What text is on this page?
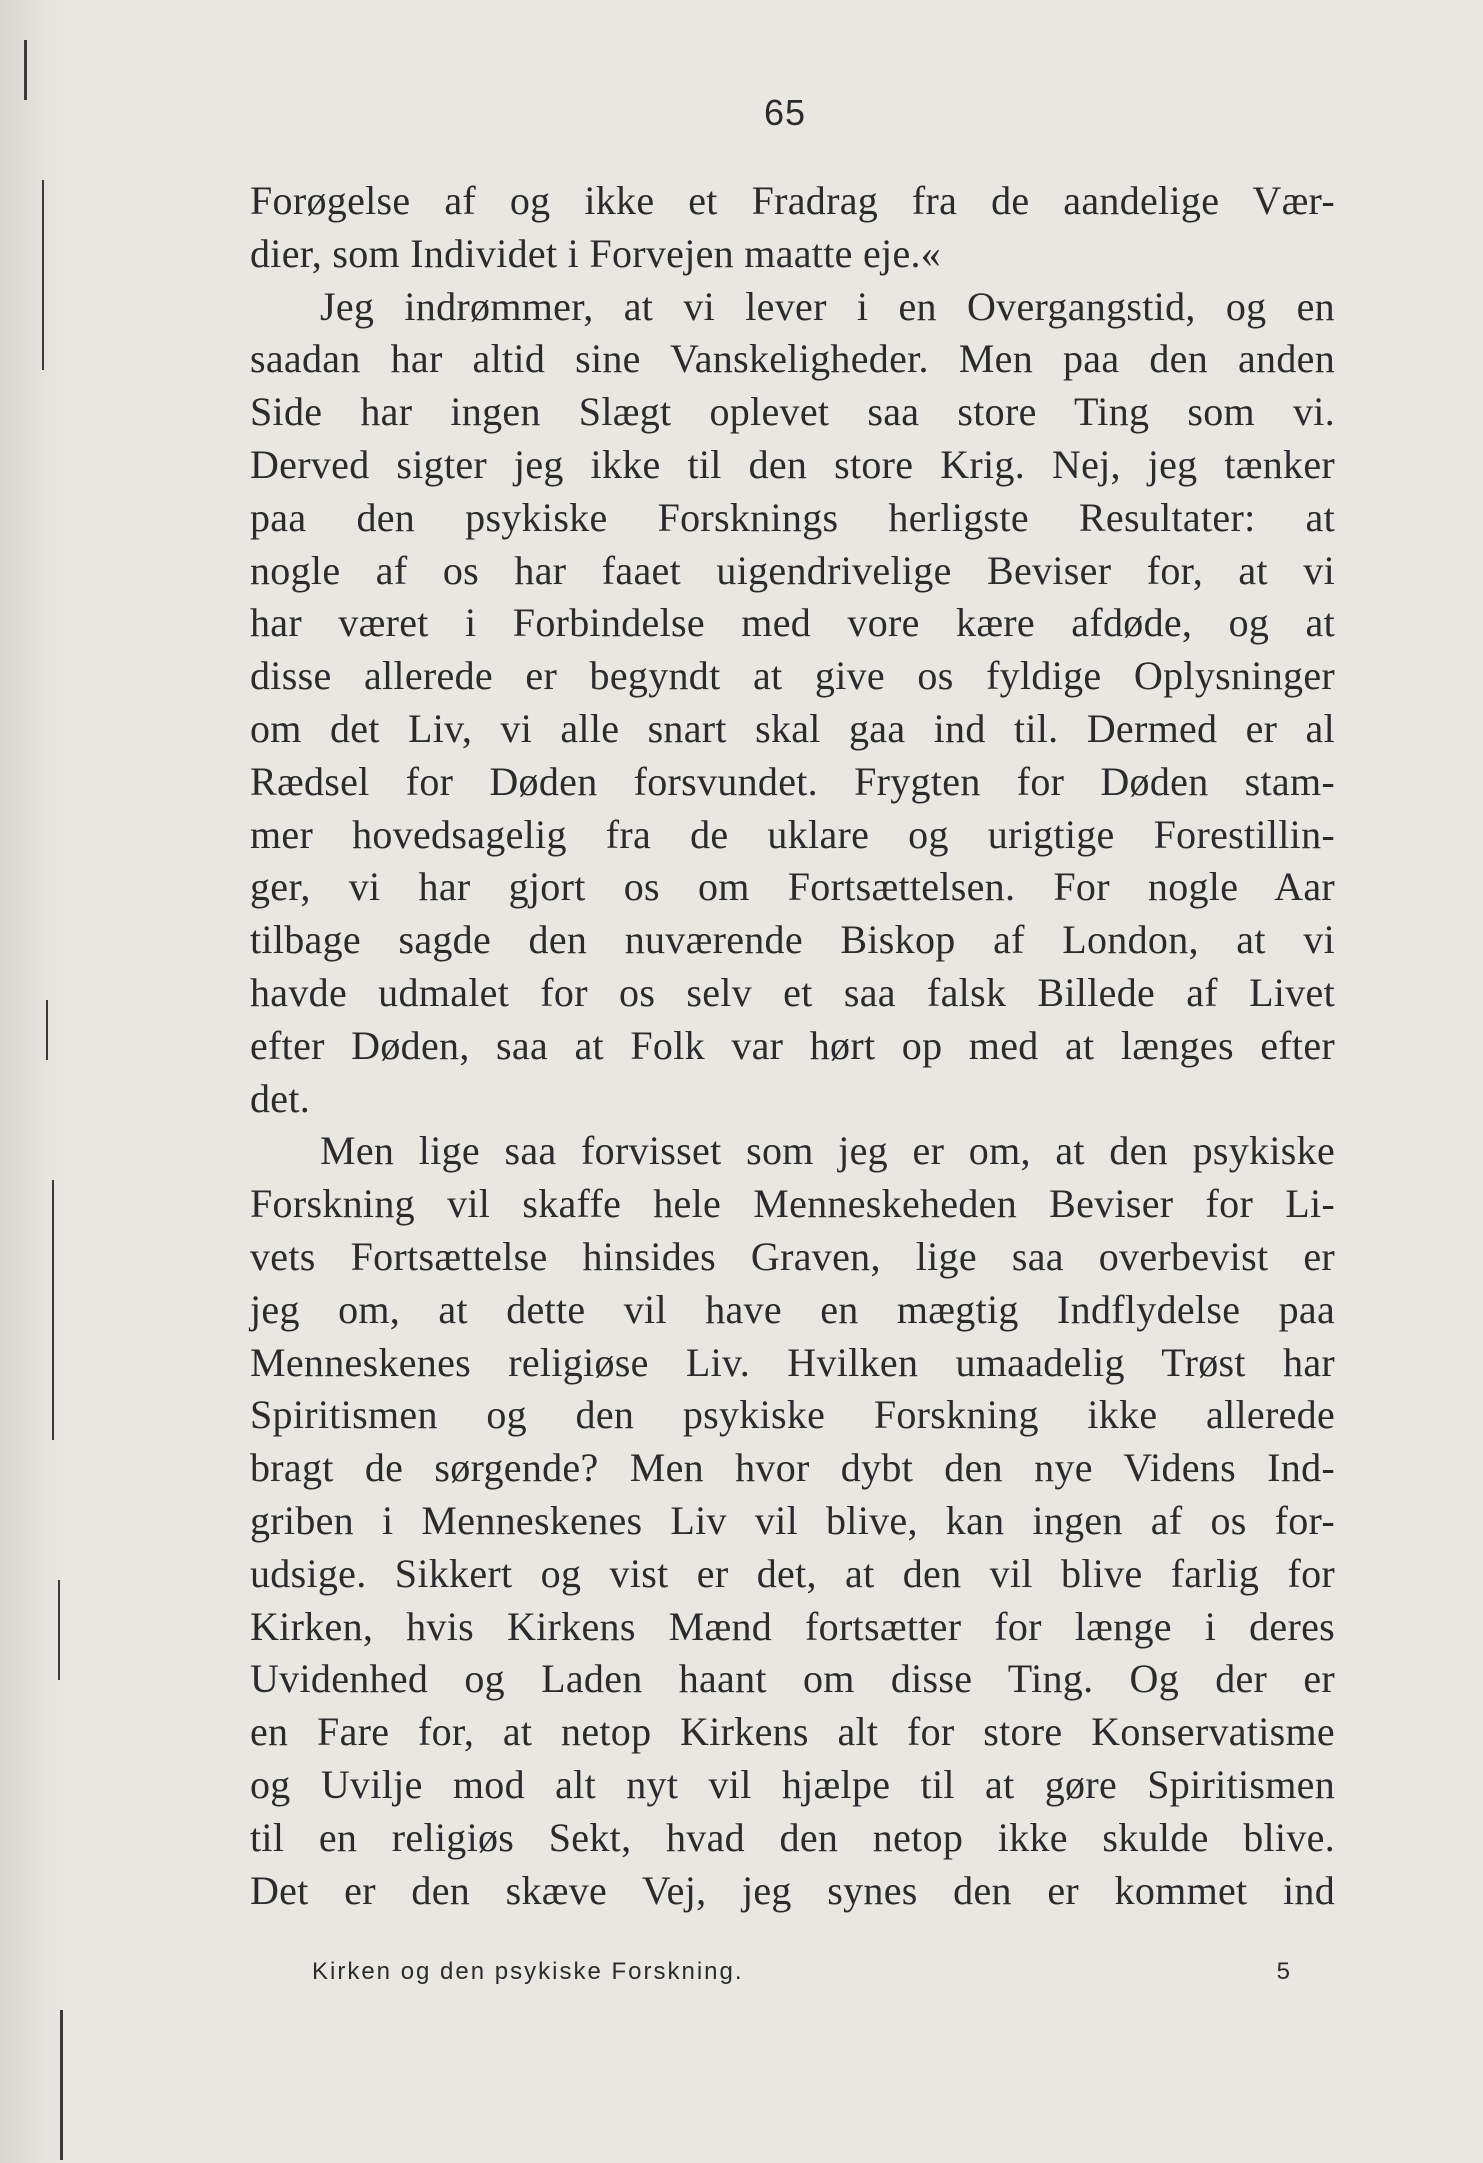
65
Forøgelse af og ikke et Fradrag fra de aandelige Vær-
dier, som Individet i Forvejen maatte eje.«
Jeg indrømmer, at vi lever i en Overgangstid, og en
saadan har altid sine Vanskeligheder. Men paa den anden
Side har ingen Slægt oplevet saa store Ting som vi.
Derved sigter jeg ikke til den store Krig. Nej, jeg tænker
paa den psykiske Forsknings herligste Resultater: at
nogle af os har faaet uigendrivelige Beviser for, at vi
har været i Forbindelse med vore kære afdøde, og at
disse allerede er begyndt at give os fyldige Oplysninger
om det Liv, vi alle snart skal gaa ind til. Dermed er al
Rædsel for Døden forsvundet. Frygten for Døden stam-
mer hovedsagelig fra de uklare og urigtige Forestillin-
ger, vi har gjort os om Fortsættelsen. For nogle Aar
tilbage sagde den nuværende Biskop af London, at vi
havde udmalet for os selv et saa falsk Billede af Livet
efter Døden, saa at Folk var hørt op med at længes efter
det.
Men lige saa forvisset som jeg er om, at den psykiske
Forskning vil skaffe hele Menneskeheden Beviser for Li-
vets Fortsættelse hinsides Graven, lige saa overbevist er
jeg om, at dette vil have en mægtig Indflydelse paa
Menneskenes religiøse Liv. Hvilken umaadelig Trøst har
Spiritismen og den psykiske Forskning ikke allerede
bragt de sørgende? Men hvor dybt den nye Videns Ind-
griben i Menneskenes Liv vil blive, kan ingen af os for-
udsige. Sikkert og vist er det, at den vil blive farlig for
Kirken, hvis Kirkens Mænd fortsætter for længe i deres
Uvidenhed og Laden haant om disse Ting. Og der er
en Fare for, at netop Kirkens alt for store Konservatisme
og Uvilje mod alt nyt vil hjælpe til at gøre Spiritismen
til en religiøs Sekt, hvad den netop ikke skulde blive.
Det er den skæve Vej, jeg synes den er kommet ind
Kirken og den psykiske Forskning.	5
